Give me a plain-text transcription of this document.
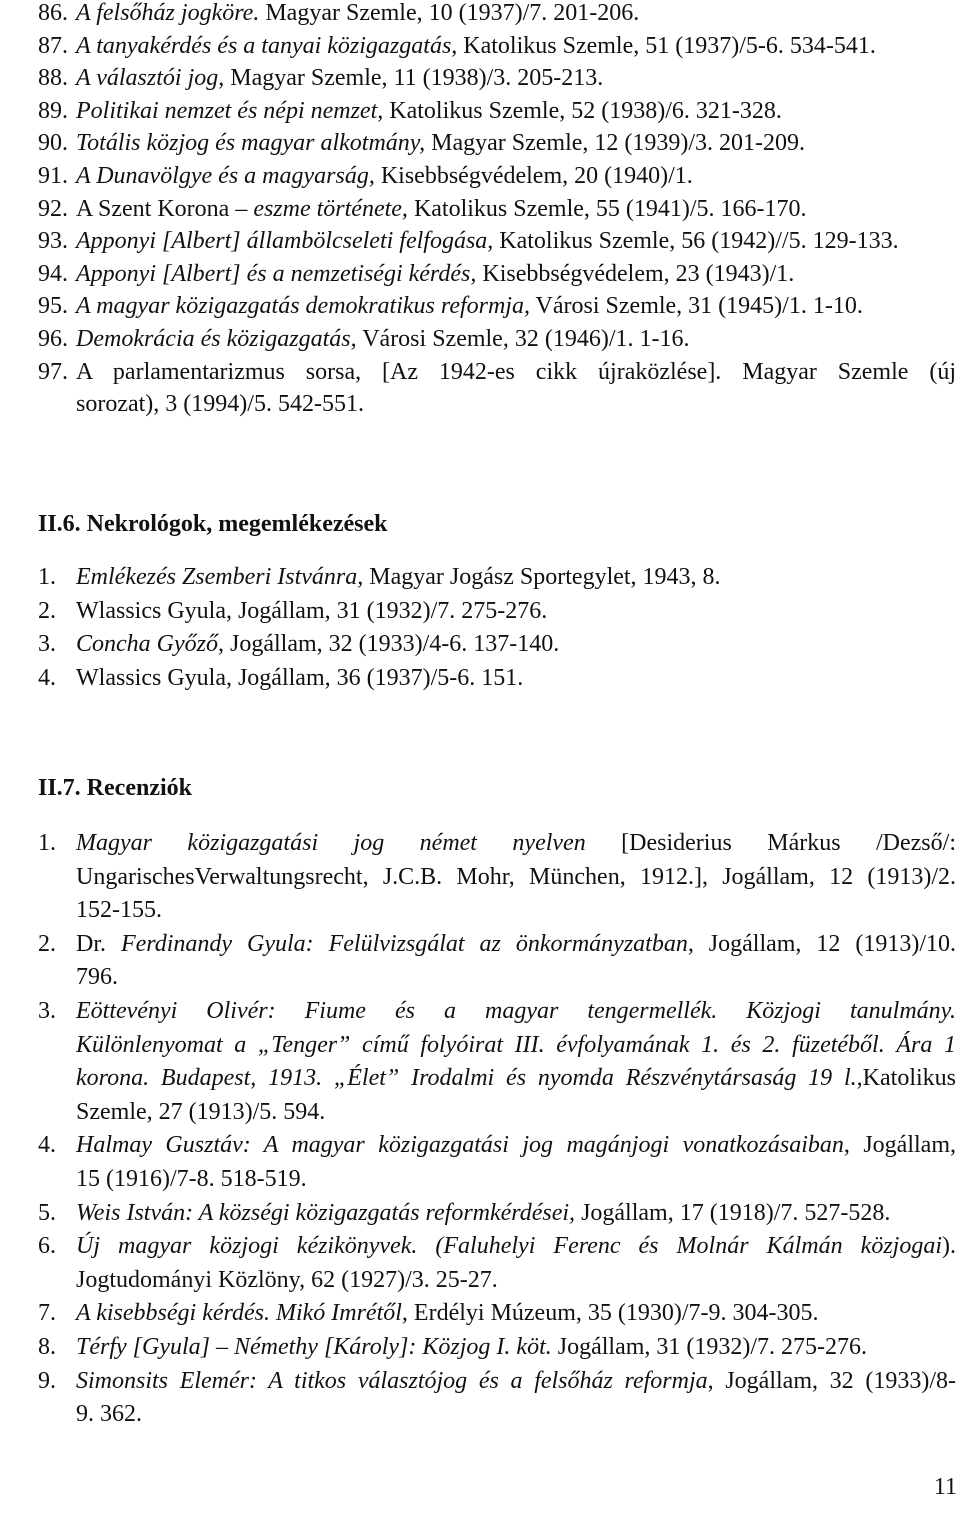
86. A felsőház jogköre. Magyar Szemle, 10 (1937)/7. 201-206.
87. A tanyakérdés és a tanyai közigazgatás, Katolikus Szemle, 51 (1937)/5-6. 534-541.
88. A választói jog, Magyar Szemle, 11 (1938)/3. 205-213.
89. Politikai nemzet és népi nemzet, Katolikus Szemle, 52 (1938)/6. 321-328.
90. Totális közjog és magyar alkotmány, Magyar Szemle, 12 (1939)/3. 201-209.
91. A Dunavölgye és a magyarság, Kisebbségvédelem, 20 (1940)/1.
92. A Szent Korona – eszme története, Katolikus Szemle, 55 (1941)/5. 166-170.
93. Apponyi [Albert] állambölcseleti felfogása, Katolikus Szemle, 56 (1942)//5. 129-133.
94. Apponyi [Albert] és a nemzetiségi kérdés, Kisebbségvédelem, 23 (1943)/1.
95. A magyar közigazgatás demokratikus reformja, Városi Szemle, 31 (1945)/1. 1-10.
96. Demokrácia és közigazgatás, Városi Szemle, 32 (1946)/1. 1-16.
97. A parlamentarizmus sorsa, [Az 1942-es cikk újraközlése]. Magyar Szemle (új
sorozat), 3 (1994)/5. 542-551.
II.6. Nekrológok, megemlékezések
1. Emlékezés Zsemberi Istvánra, Magyar Jogász Sportegylet, 1943, 8.
2. Wlassics Gyula, Jogállam, 31 (1932)/7. 275-276.
3. Concha Győző, Jogállam, 32 (1933)/4-6. 137-140.
4. Wlassics Gyula, Jogállam, 36 (1937)/5-6. 151.
II.7. Recenziók
1. Magyar közigazgatási jog német nyelven [Desiderius Márkus /Dezső/:
UngarischesVerwaltungsrecht, J.C.B. Mohr, München, 1912.], Jogállam, 12 (1913)/2.
152-155.
2. Dr. Ferdinandy Gyula: Felülvizsgálat az önkormányzatban, Jogállam, 12 (1913)/10.
796.
3. Eöttevényi Olivér: Fiume és a magyar tengermellék. Közjogi tanulmány.
Különlenyomat a „Tenger” című folyóirat III. évfolyamának 1. és 2. füzetéből. Ára 1
korona. Budapest, 1913. „Élet” Irodalmi és nyomda Részvénytársaság 19 l.,Katolikus
Szemle, 27 (1913)/5. 594.
4. Halmay Gusztáv: A magyar közigazgatási jog magánjogi vonatkozásaiban, Jogállam,
15 (1916)/7-8. 518-519.
5. Weis István: A községi közigazgatás reformkérdései, Jogállam, 17 (1918)/7. 527-528.
6. Új magyar közjogi kézikönyvek. (Faluhelyi Ferenc és Molnár Kálmán közjogai).
Jogtudományi Közlöny, 62 (1927)/3. 25-27.
7. A kisebbségi kérdés. Mikó Imrétől, Erdélyi Múzeum, 35 (1930)/7-9. 304-305.
8. Térfy [Gyula] – Némethy [Károly]: Közjog I. köt. Jogállam, 31 (1932)/7. 275-276.
9. Simonsits Elemér: A titkos választójog és a felsőház reformja, Jogállam, 32 (1933)/8-
9. 362.
11
